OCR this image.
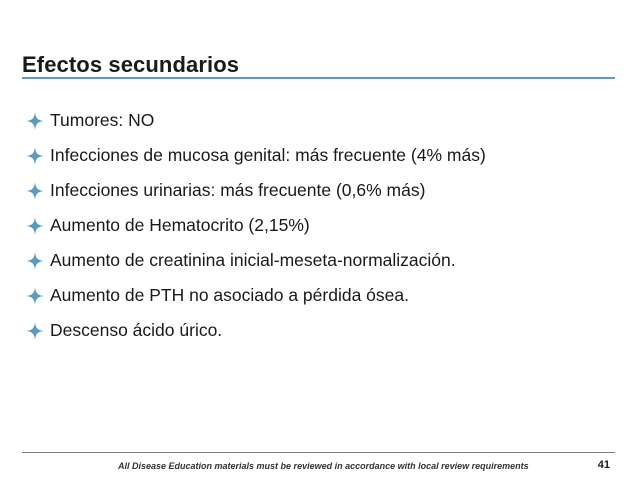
Efectos secundarios
Tumores: NO
Infecciones de mucosa genital: más frecuente (4% más)
Infecciones urinarias: más frecuente (0,6% más)
Aumento de Hematocrito (2,15%)
Aumento de creatinina inicial-meseta-normalización.
Aumento de PTH no asociado a pérdida ósea.
Descenso ácido úrico.
All Disease Education materials must be reviewed in accordance with local review requirements	41
